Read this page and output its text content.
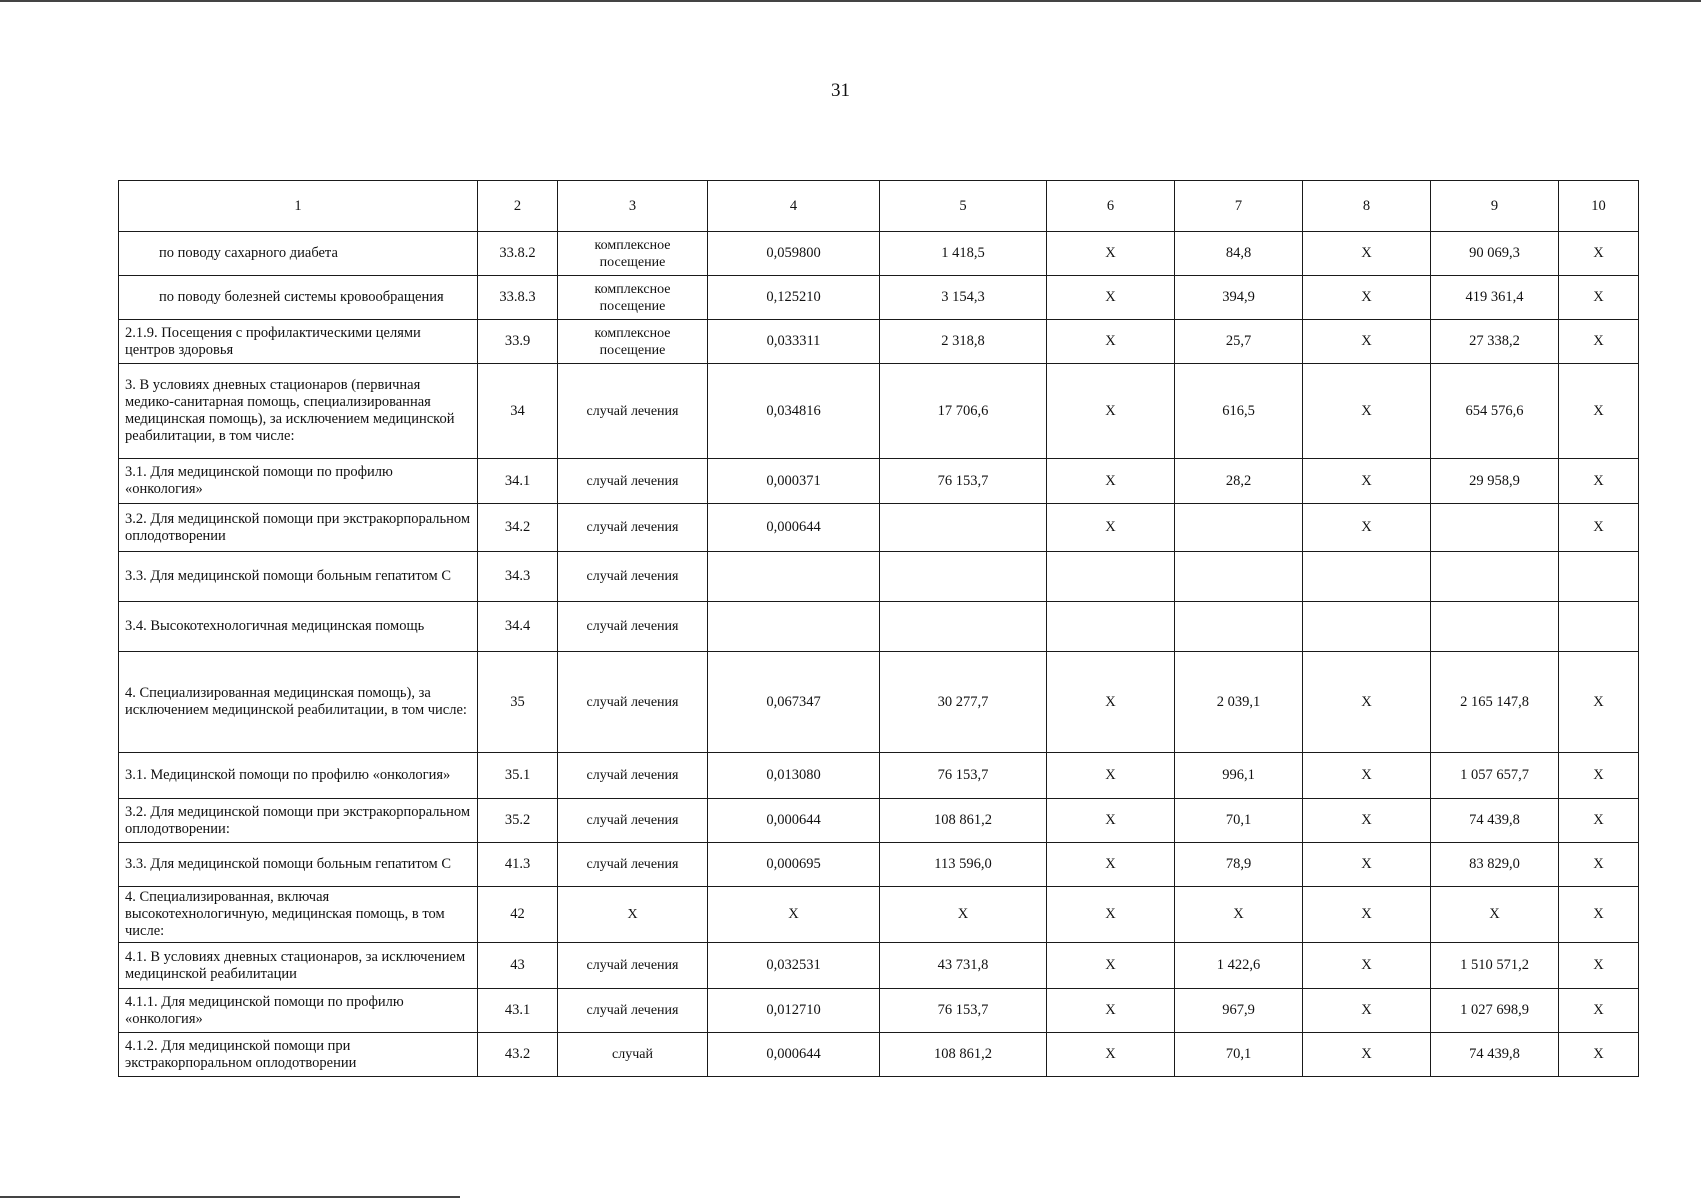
31
1	2	3	4	5	6	7	8	9	10
по поводу сахарного диабета	33.8.2	комплексное посещение	0,059800	1 418,5	Х	84,8	Х	90 069,3	Х
по поводу болезней системы кровообращения	33.8.3	комплексное посещение	0,125210	3 154,3	Х	394,9	Х	419 361,4	Х
2.1.9. Посещения с профилактическими целями центров здоровья	33.9	комплексное посещение	0,033311	2 318,8	Х	25,7	Х	27 338,2	Х
3. В условиях дневных стационаров (первичная медико-санитарная помощь, специализированная медицинская помощь), за исключением медицинской реабилитации, в том числе:	34	случай лечения	0,034816	17 706,6	Х	616,5	Х	654 576,6	Х
3.1. Для медицинской помощи по профилю «онкология»	34.1	случай лечения	0,000371	76 153,7	Х	28,2	Х	29 958,9	Х
3.2. Для медицинской помощи при экстракорпоральном оплодотворении	34.2	случай лечения	0,000644		Х		Х		Х
3.3. Для медицинской помощи больным гепатитом С	34.3	случай лечения							
3.4. Высокотехнологичная медицинская помощь	34.4	случай лечения							
4. Специализированная медицинская помощь), за исключением медицинской реабилитации, в том числе:	35	случай лечения	0,067347	30 277,7	Х	2 039,1	Х	2 165 147,8	Х
3.1. Медицинской помощи по профилю «онкология»	35.1	случай лечения	0,013080	76 153,7	Х	996,1	Х	1 057 657,7	Х
3.2. Для медицинской помощи при экстракорпоральном оплодотворении:	35.2	случай лечения	0,000644	108 861,2	Х	70,1	Х	74 439,8	Х
3.3. Для медицинской помощи больным гепатитом С	41.3	случай лечения	0,000695	113 596,0	Х	78,9	Х	83 829,0	Х
4. Специализированная, включая высокотехнологичную, медицинская помощь, в том числе:	42	Х	Х	Х	Х	Х	Х	Х	Х
4.1. В условиях дневных стационаров, за исключением медицинской реабилитации	43	случай лечения	0,032531	43 731,8	Х	1 422,6	Х	1 510 571,2	Х
4.1.1. Для медицинской помощи по профилю «онкология»	43.1	случай лечения	0,012710	76 153,7	Х	967,9	Х	1 027 698,9	Х
4.1.2. Для медицинской помощи при экстракорпоральном оплодотворении	43.2	случай	0,000644	108 861,2	Х	70,1	Х	74 439,8	Х
